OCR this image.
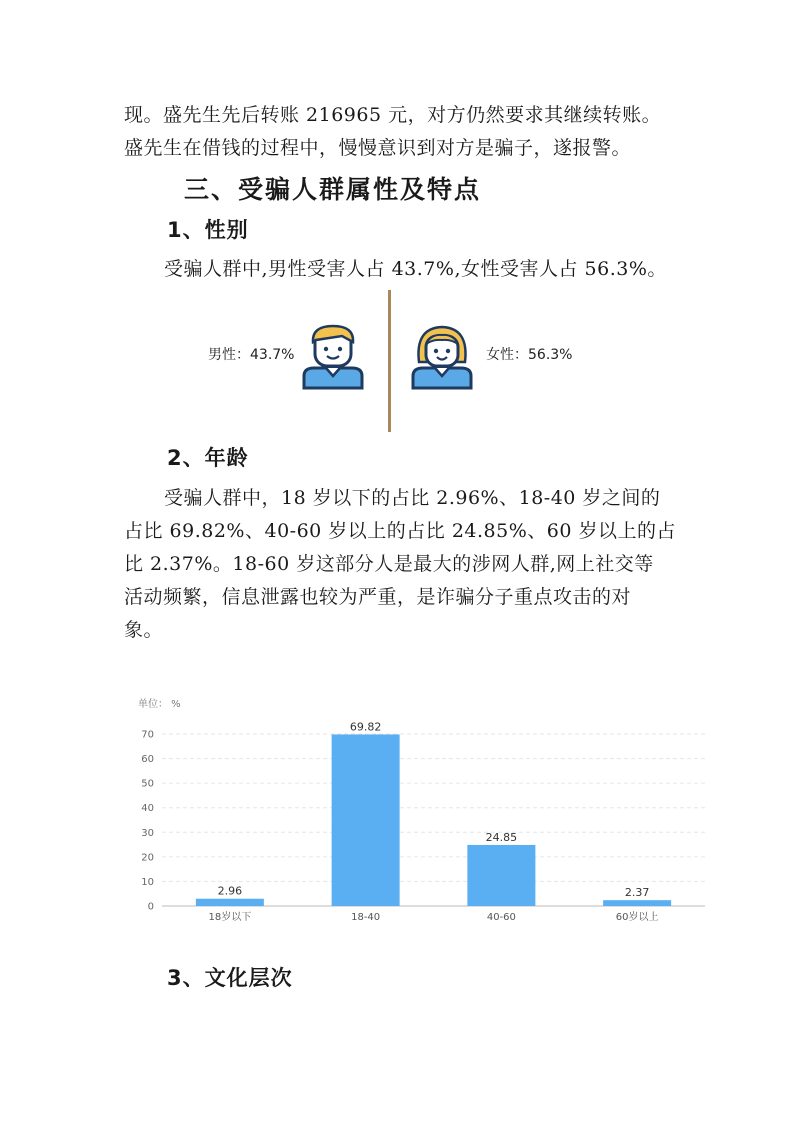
现。盛先生先后转账 216965 元，对方仍然要求其继续转账。
盛先生在借钱的过程中，慢慢意识到对方是骗子，遂报警。
三、受骗人群属性及特点
1、性别
受骗人群中,男性受害人占 43.7%,女性受害人占 56.3%。
男性：43.7%	女性：56.3%
2、年龄
受骗人群中，18 岁以下的占比 2.96%、18-40 岁之间的
占比 69.82%、40-60 岁以上的占比 24.85%、60 岁以上的占
比 2.37%。18-60 岁这部分人是最大的涉网人群,网上社交等
活动频繁，信息泄露也较为严重，是诈骗分子重点攻击的对
象。
单位： %
0
10
20
30
40
50
60
70
2.96
18岁以下
69.82
18-40
24.85
40-60
2.37
60岁以上
3、文化层次
